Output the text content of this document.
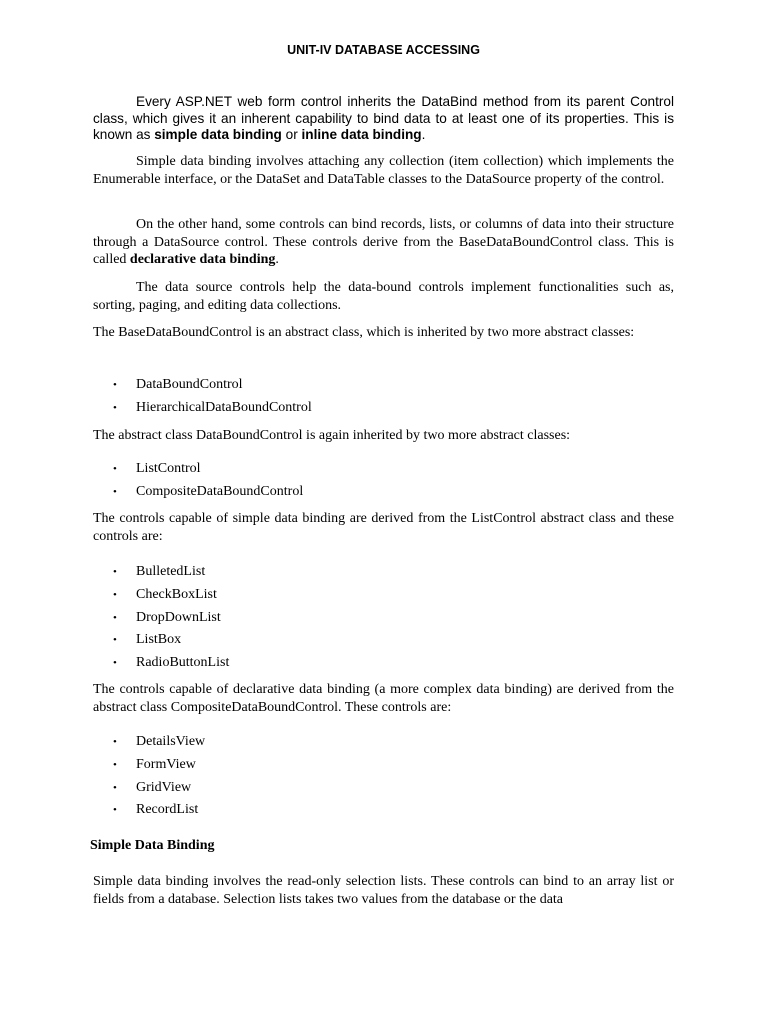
UNIT-IV DATABASE ACCESSING

Every ASP.NET web form control inherits the DataBind method from its parent Control class, which gives it an inherent capability to bind data to at least one of its properties. This is known as simple data binding or inline data binding.

Simple data binding involves attaching any collection (item collection) which implements the Enumerable interface, or the DataSet and DataTable classes to the DataSource property of the control.

On the other hand, some controls can bind records, lists, or columns of data into their structure through a DataSource control. These controls derive from the BaseDataBoundControl class. This is called declarative data binding.

The data source controls help the data-bound controls implement functionalities such as, sorting, paging, and editing data collections.

The BaseDataBoundControl is an abstract class, which is inherited by two more abstract classes:

• DataBoundControl
• HierarchicalDataBoundControl

The abstract class DataBoundControl is again inherited by two more abstract classes:

• ListControl
• CompositeDataBoundControl

The controls capable of simple data binding are derived from the ListControl abstract class and these controls are:

• BulletedList
• CheckBoxList
• DropDownList
• ListBox
• RadioButtonList

The controls capable of declarative data binding (a more complex data binding) are derived from the abstract class CompositeDataBoundControl. These controls are:

• DetailsView
• FormView
• GridView
• RecordList
Simple Data Binding

Simple data binding involves the read-only selection lists. These controls can bind to an array list or fields from a database. Selection lists takes two values from the database or the data
